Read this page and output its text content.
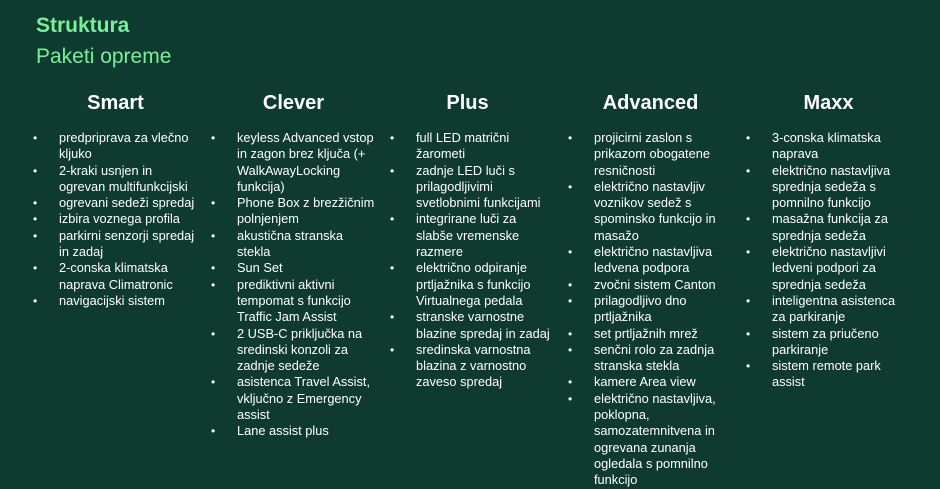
Struktura
Paketi opreme
Smart
• predpriprava za vlečno kljuko
• 2-kraki usnjen in ogrevan multifunkcijski
• ogrevani sedeži spredaj
• izbira voznega profila
• parkirni senzorji spredaj in zadaj
• 2-conska klimatska naprava Climatronic
• navigacijski sistem
Clever
• keyless Advanced vstop in zagon brez ključa (+ WalkAwayLocking funkcija)
• Phone Box z brezžičnim polnjenjem
• akustična stranska stekla
• Sun Set
• prediktivni aktivni tempomat s funkcijo Traffic Jam Assist
• 2 USB-C priključka na sredinski konzoli za zadnje sedeže
• asistenca Travel Assist, vključno z Emergency assist
• Lane assist plus
Plus
• full LED matrični žarometi
• zadnje LED luči s prilagodljivimi svetlobnimi funkcijami
• integrirane luči za slabše vremenske razmere
• električno odpiranje prtljažnika s funkcijo Virtualnega pedala
• stranske varnostne blazine spredaj in zadaj
• sredinska varnostna blazina z varnostno zaveso spredaj
Advanced
• projicirni zaslon s prikazom obogatene resničnosti
• električno nastavljiv voznikov sedež s spominsko funkcijo in masažo
• električno nastavljiva ledvena podpora
• zvočni sistem Canton
• prilagodljivo dno prtljažnika
• set prtljažnih mrež
• senčni rolo za zadnja stranska stekla
• kamere Area view
• električno nastavljiva, poklopna, samozatemnitvena in ogrevana zunanja ogledala s pomnilno funkcijo
Maxx
• 3-conska klimatska naprava
• električno nastavljiva sprednja sedeža s pomnilno funkcijo
• masažna funkcija za sprednja sedeža
• električno nastavljivi ledveni podpori za sprednja sedeža
• inteligentna asistenca za parkiranje
• sistem za priučeno parkiranje
• sistem remote park assist
